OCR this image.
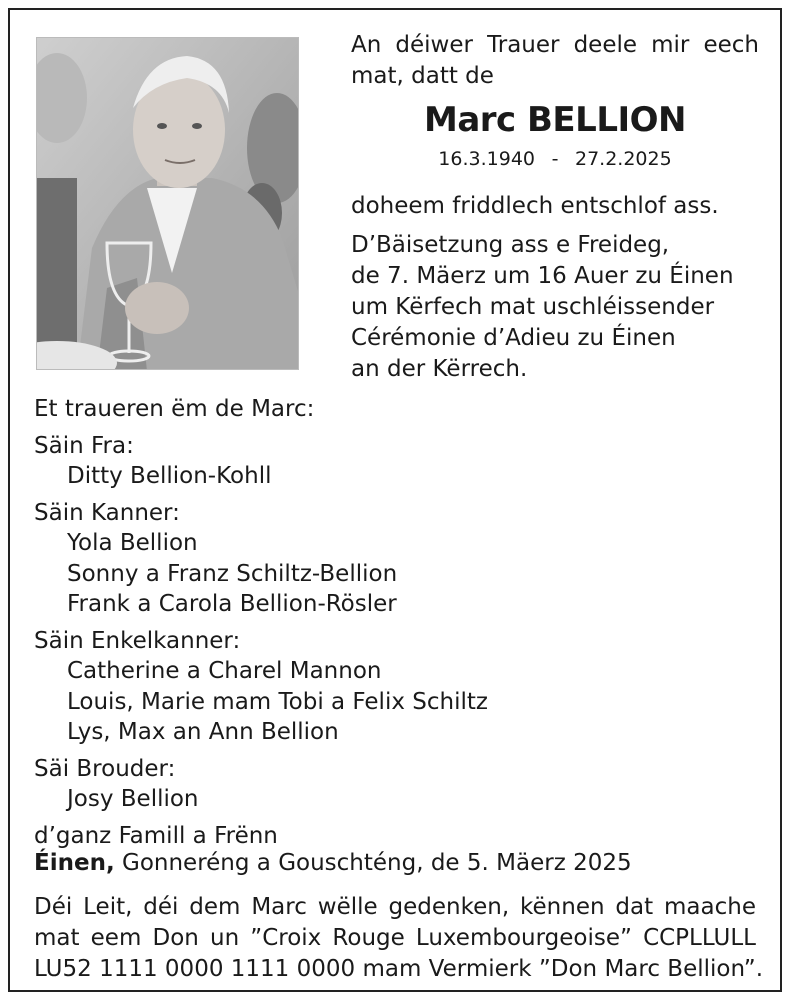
An déiwer Trauer deele mir eech
mat, datt de
Marc BELLION
16.3.1940 - 27.2.2025
doheem friddlech entschlof ass.
D’Bäisetzung ass e Freideg,
de 7. Mäerz um 16 Auer zu Éinen
um Kërfech mat uschléissender
Cérémonie d’Adieu zu Éinen
an der Kërrech.
Et traueren ëm de Marc:
Säin Fra:
Ditty Bellion-Kohll
Säin Kanner:
Yola Bellion
Sonny a Franz Schiltz-Bellion
Frank a Carola Bellion-Rösler
Säin Enkelkanner:
Catherine a Charel Mannon
Louis, Marie mam Tobi a Felix Schiltz
Lys, Max an Ann Bellion
Säi Brouder:
Josy Bellion
d’ganz Famill a Frënn
Éinen, Gonneréng a Gouschténg, de 5. Mäerz 2025
Déi Leit, déi dem Marc wëlle gedenken, kënnen dat maache
mat eem Don un ”Croix Rouge Luxembourgeoise” CCPLLULL
LU52 1111 0000 1111 0000 mam Vermierk ”Don Marc Bellion”.
